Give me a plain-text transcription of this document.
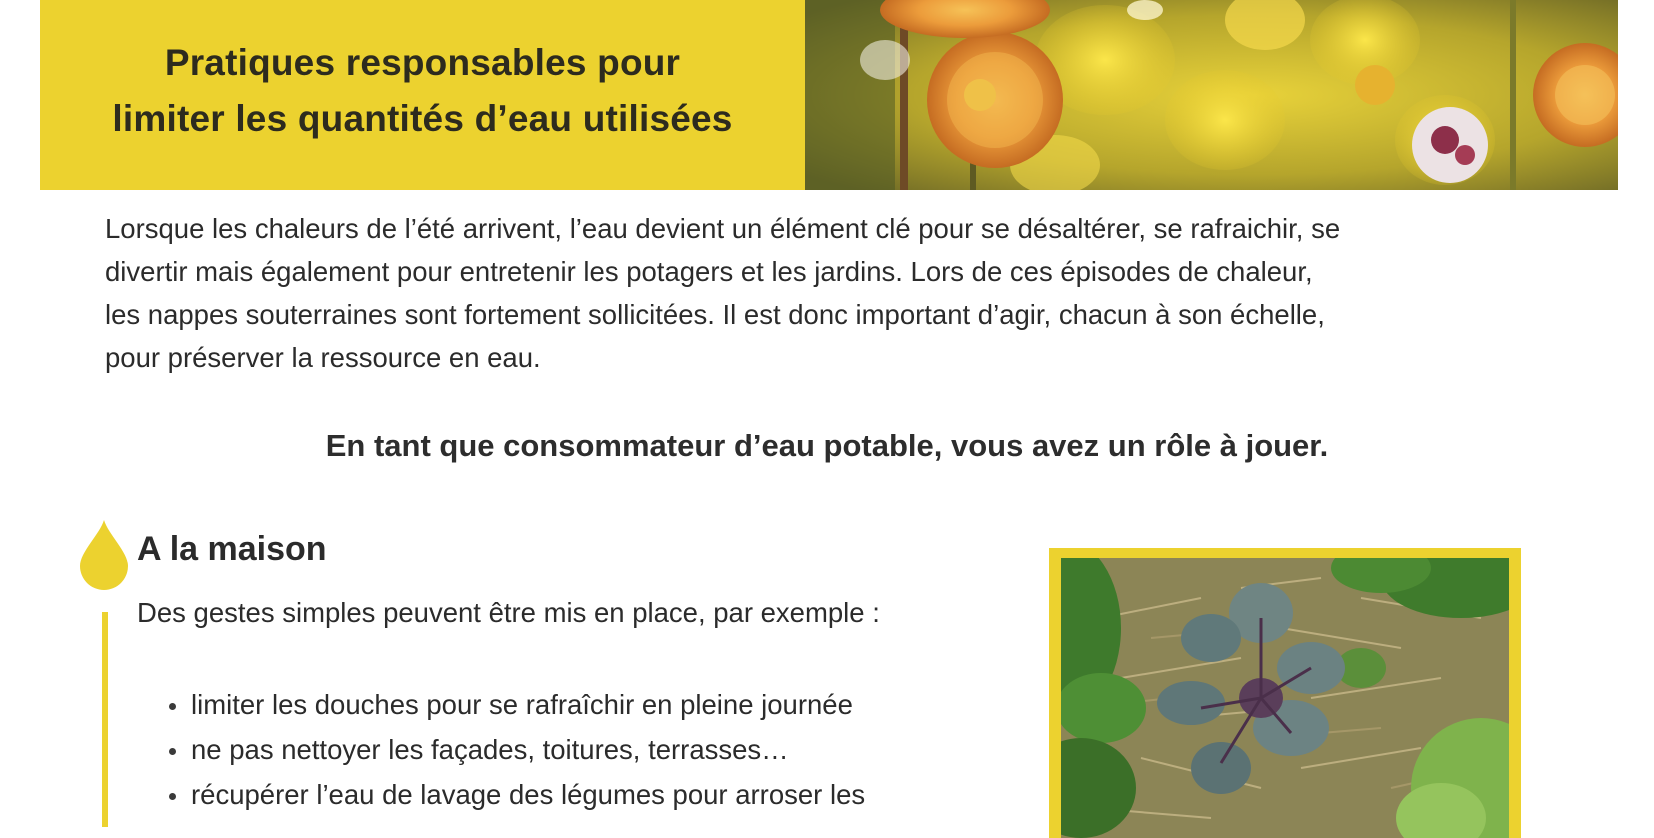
Pratiques responsables pour
limiter les quantités d’eau utilisées

Lorsque les chaleurs de l’été arrivent, l’eau devient un élément clé pour se désaltérer, se rafraichir, se
divertir mais également pour entretenir les potagers et les jardins. Lors de ces épisodes de chaleur,
les nappes souterraines sont fortement sollicitées. Il est donc important d’agir, chacun à son échelle,
pour préserver la ressource en eau.

En tant que consommateur d’eau potable, vous avez un rôle à jouer.

A la maison

Des gestes simples peuvent être mis en place, par exemple :

limiter les douches pour se rafraîchir en pleine journée
ne pas nettoyer les façades, toitures, terrasses…
récupérer l’eau de lavage des légumes pour arroser les
